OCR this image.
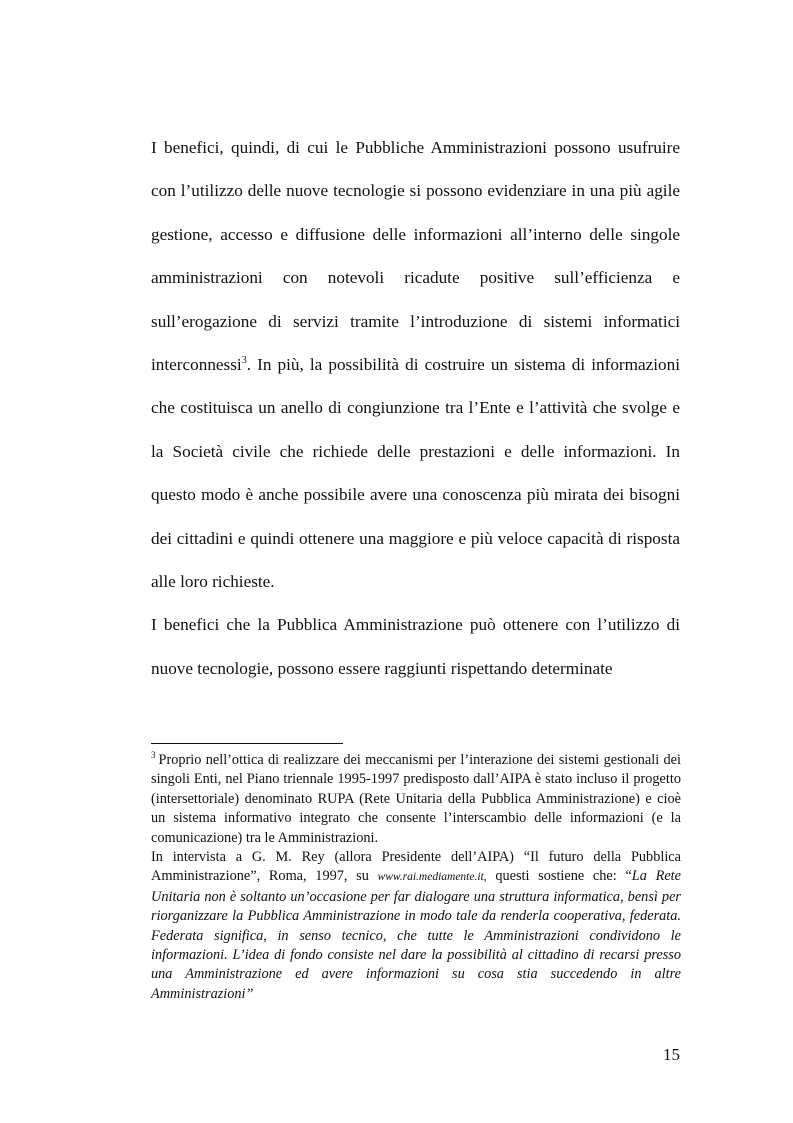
I benefici, quindi, di cui le Pubbliche Amministrazioni possono usufruire con l’utilizzo delle nuove tecnologie si possono evidenziare in una più agile gestione, accesso e diffusione delle informazioni all’interno delle singole amministrazioni con notevoli ricadute positive sull’efficienza e sull’erogazione di servizi tramite l’introduzione di sistemi informatici interconnessi$^3$. In più, la possibilità di costruire un sistema di informazioni che costituisca un anello di congiunzione tra l’Ente e l’attività che svolge e la Società civile che richiede delle prestazioni e delle informazioni. In questo modo è anche possibile avere una conoscenza più mirata dei bisogni dei cittadini e quindi ottenere una maggiore e più veloce capacità di risposta alle loro richieste.

I benefici che la Pubblica Amministrazione può ottenere con l’utilizzo di nuove tecnologie, possono essere raggiunti rispettando determinate

$^3$ Proprio nell’ottica di realizzare dei meccanismi per l’interazione dei sistemi gestionali dei singoli Enti, nel Piano triennale 1995-1997 predisposto dall’AIPA è stato incluso il progetto (intersettoriale) denominato RUPA (Rete Unitaria della Pubblica Amministrazione) e cioè un sistema informativo integrato che consente l’interscambio delle informazioni (e la comunicazione) tra le Amministrazioni.

In intervista a G. M. Rey (allora Presidente dell’AIPA) “Il futuro della Pubblica Amministrazione”, Roma, 1997, su www.rai.mediamente.it, questi sostiene che: “La Rete Unitaria non è soltanto un’occasione per far dialogare una struttura informatica, bensì per riorganizzare la Pubblica Amministrazione in modo tale da renderla cooperativa, federata. Federata significa, in senso tecnico, che tutte le Amministrazioni condividono le informazioni. L’idea di fondo consiste nel dare la possibilità al cittadino di recarsi presso una Amministrazione ed avere informazioni su cosa stia succedendo in altre Amministrazioni”

15
